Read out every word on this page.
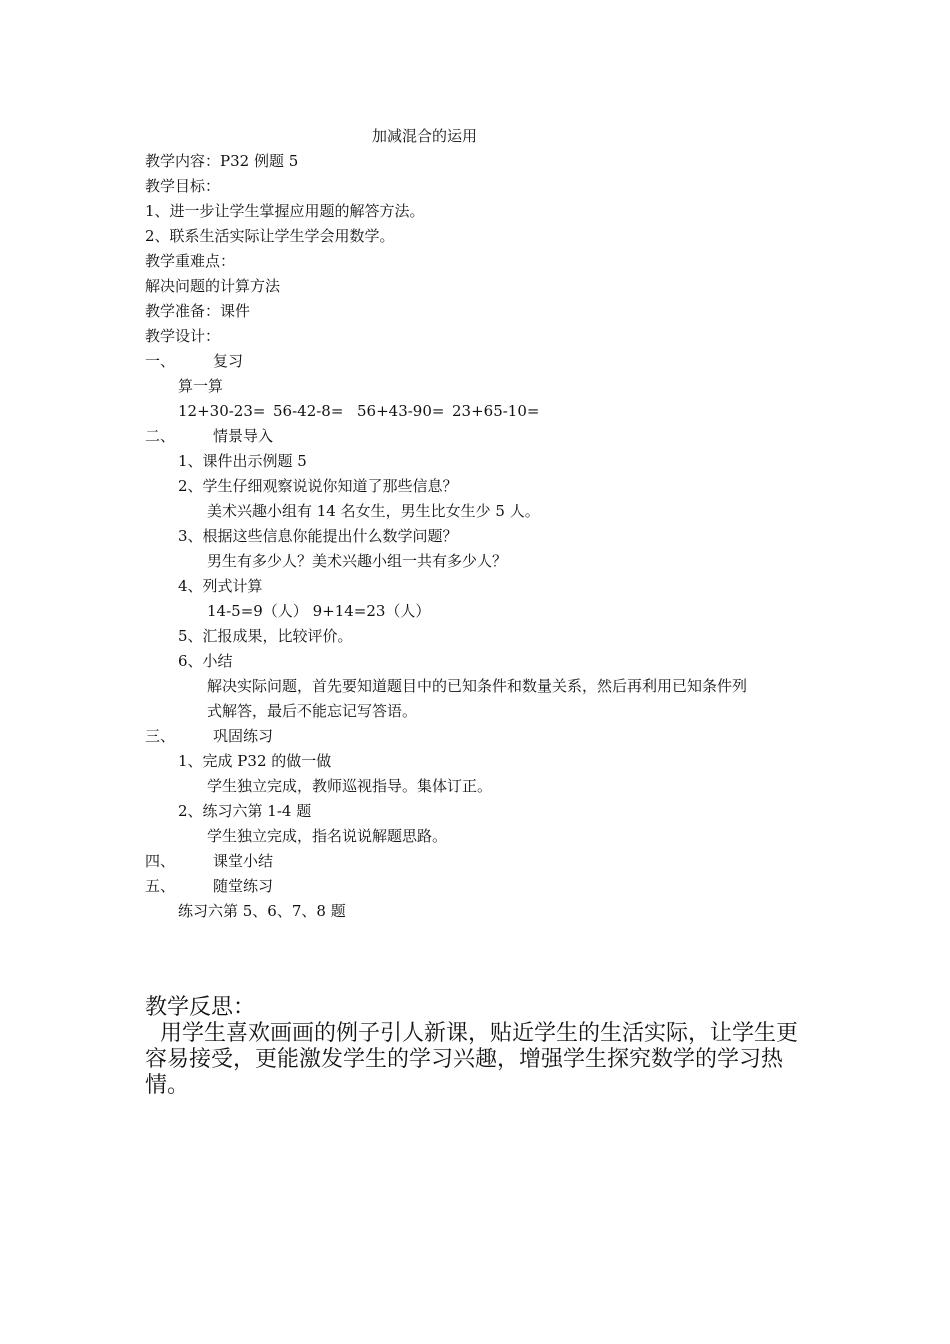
加减混合的运用
教学内容：P32 例题 5
教学目标：
1、进一步让学生掌握应用题的解答方法。
2、联系生活实际让学生学会用数学。
教学重难点：
解决问题的计算方法
教学准备：课件
教学设计：
一、	复习
算一算
12+30-23= 56-42-8= 56+43-90= 23+65-10=
二、	情景导入
1、课件出示例题 5
2、学生仔细观察说说你知道了那些信息？
美术兴趣小组有 14 名女生，男生比女生少 5 人。
3、根据这些信息你能提出什么数学问题？
男生有多少人？美术兴趣小组一共有多少人？
4、列式计算
14-5=9（人） 9+14=23（人）
5、汇报成果，比较评价。
6、小结
解决实际问题，首先要知道题目中的已知条件和数量关系，然后再利用已知条件列
式解答，最后不能忘记写答语。
三、	巩固练习
1、完成 P32 的做一做
学生独立完成，教师巡视指导。集体订正。
2、练习六第 1-4 题
学生独立完成，指名说说解题思路。
四、	课堂小结
五、	随堂练习
练习六第 5、6、7、8 题
教学反思：
用学生喜欢画画的例子引人新课，贴近学生的生活实际，让学生更容易接受，更能激发学生的学习兴趣，增强学生探究数学的学习热情。
